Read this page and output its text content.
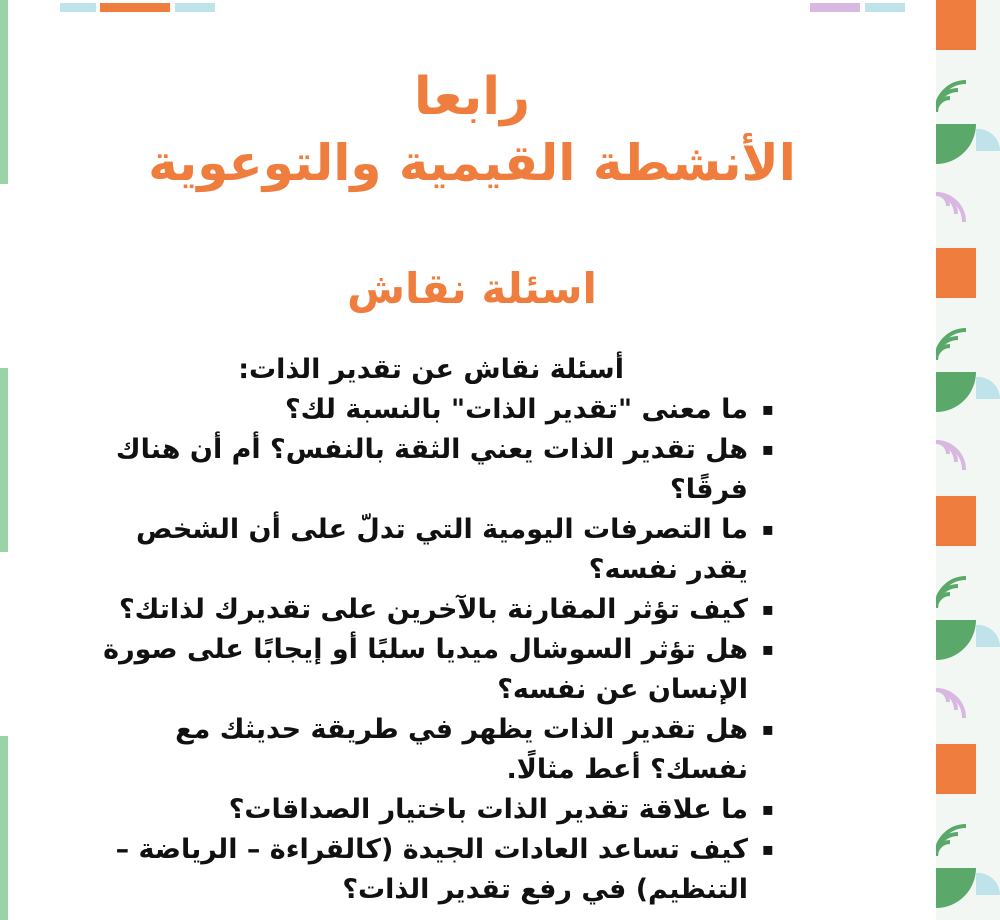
رابعا
الأنشطة القيمية والتوعوية
اسئلة نقاش
أسئلة نقاش عن تقدير الذات:
▪ ما معنى "تقدير الذات" بالنسبة لك؟
▪ هل تقدير الذات يعني الثقة بالنفس؟ أم أن هناك فرقًا؟
▪ ما التصرفات اليومية التي تدلّ على أن الشخص يقدر نفسه؟
▪ كيف تؤثر المقارنة بالآخرين على تقديرك لذاتك؟
▪ هل تؤثر السوشال ميديا سلبًا أو إيجابًا على صورة الإنسان عن نفسه؟
▪ هل تقدير الذات يظهر في طريقة حديثك مع نفسك؟ أعط مثالًا.
▪ ما علاقة تقدير الذات باختيار الصداقات؟
▪ كيف تساعد العادات الجيدة (كالقراءة – الرياضة – التنظيم) في رفع تقدير الذات؟
